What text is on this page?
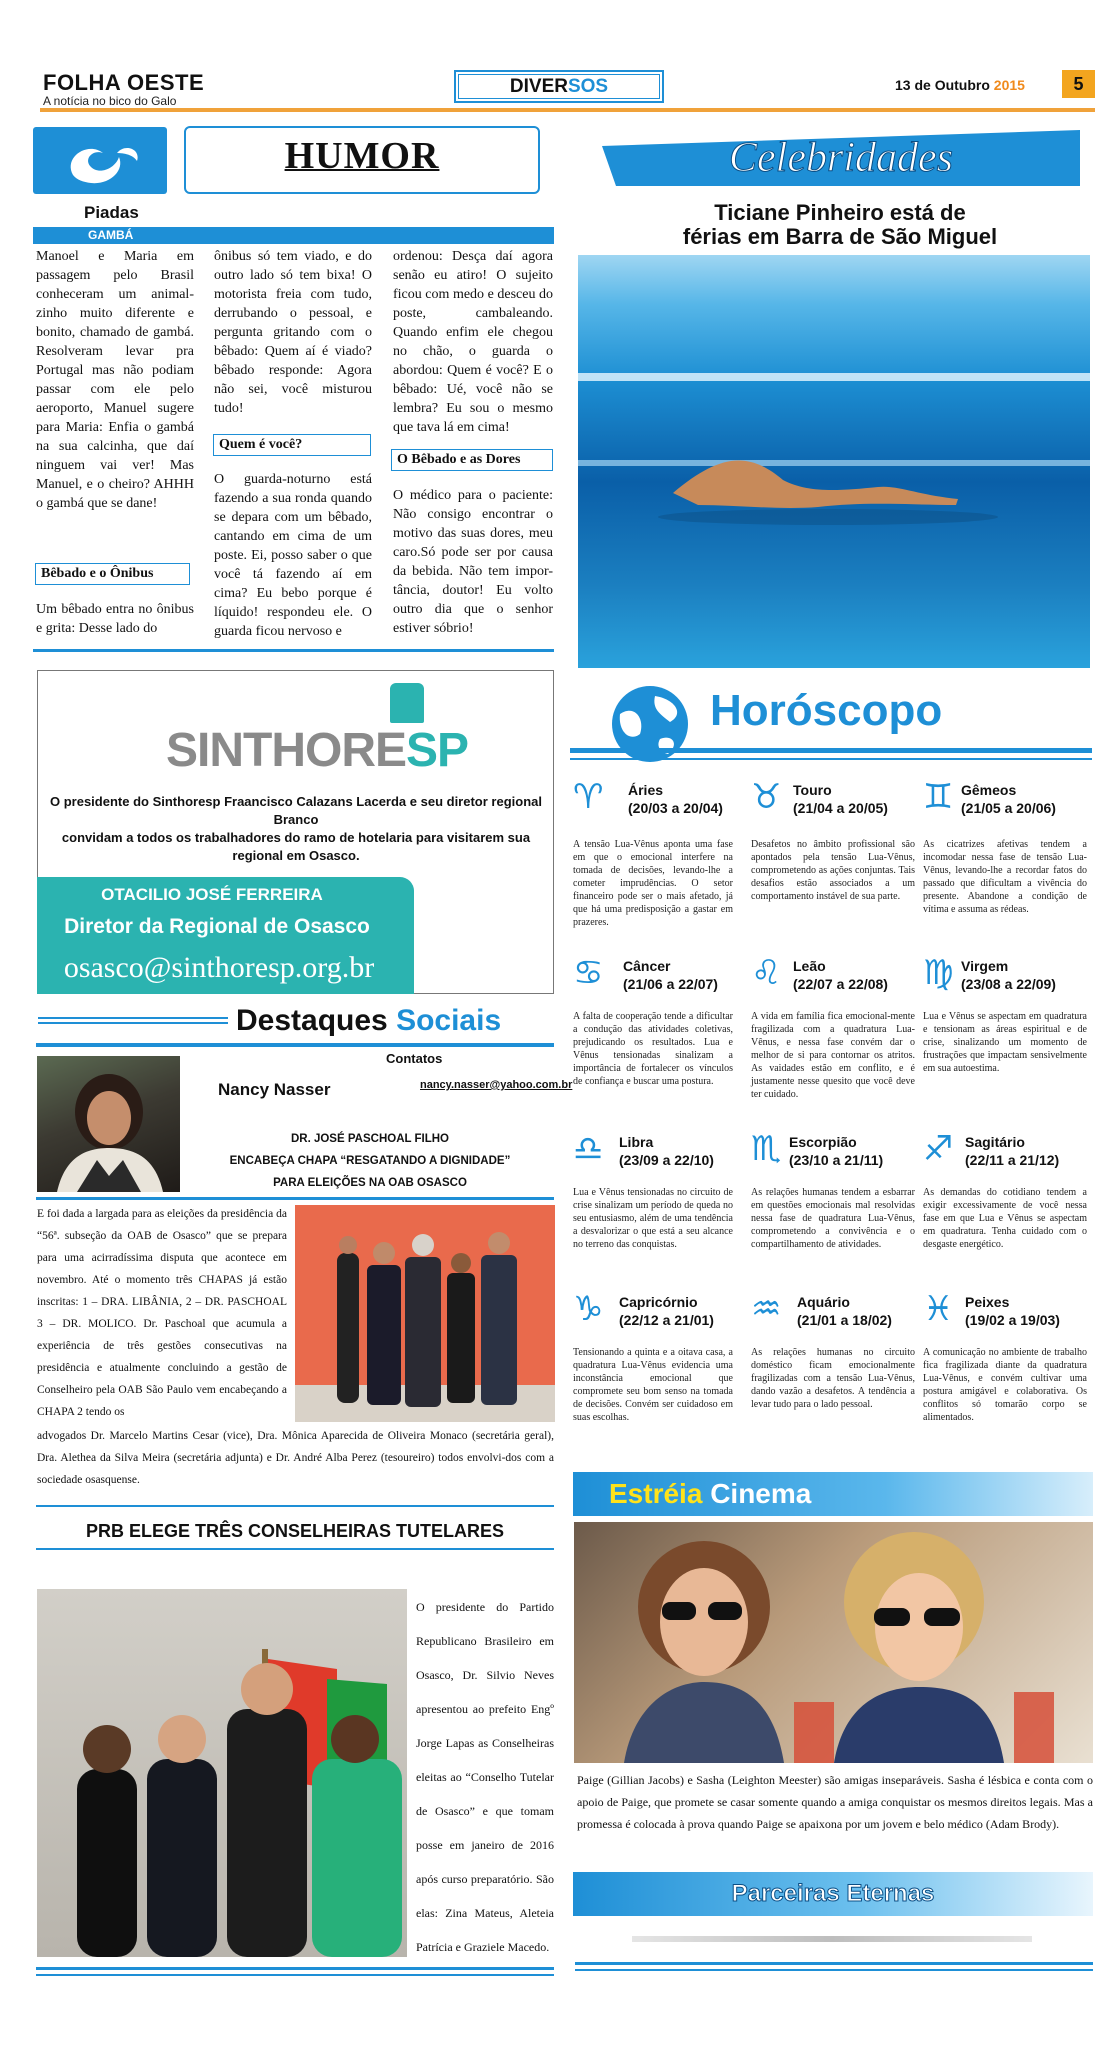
FOLHA OESTE
A notícia no bico do Galo
DIVERSOS	13 de Outubro 2015	5
HUMOR
Piadas
GAMBÁ

Manoel e Maria em passagem pelo Brasil conheceram um animal-zinho muito diferente e bonito, chamado de gambá. Resolveram levar pra Portugal mas não podiam passar com ele pelo aeroporto, Manuel sugere para Maria: Enfia o gambá na sua calcinha, que daí ninguem vai ver! Mas Manuel, e o cheiro? AHHH o gambá que se dane!

Bêbado e o Ônibus
Um bêbado entra no ônibus e grita: Desse lado do
ônibus só tem viado, e do outro lado só tem bixa! O motorista freia com tudo, derrubando o pessoal, e pergunta gritando com o bêbado: Quem aí é viado? bêbado responde: Agora não sei, você misturou tudo!
Quem é você?
O guarda-noturno está fazendo a sua ronda quando se depara com um bêbado, cantando em cima de um poste. Ei, posso saber o que você tá fazendo aí em cima? Eu bebo porque é líquido! respondeu ele. O guarda ficou nervoso e
ordenou: Desça daí agora senão eu atiro! O sujeito ficou com medo e desceu do poste, cambaleando. Quando enfim ele chegou no chão, o guarda o abordou: Quem é você? E o bêbado: Ué, você não se lembra? Eu sou o mesmo que tava lá em cima!
O Bêbado e as Dores
O médico para o paciente: Não consigo encontrar o motivo das suas dores, meu caro.Só pode ser por causa da bebida. Não tem impor-tância, doutor! Eu volto outro dia que o senhor estiver sóbrio!
Celebridades
Ticiane Pinheiro está de
férias em Barra de São Miguel
SINTHORESP
O presidente do Sinthoresp Fraancisco Calazans Lacerda e seu diretor regional Branco
convidam a todos os trabalhadores do ramo de hotelaria para visitarem sua regional em Osasco.
OTACILIO JOSÉ FERREIRA
Diretor da Regional de Osasco
osasco@sinthoresp.org.br
Horóscopo
♈ Áries
(20/03 a 20/04)
A tensão Lua-Vênus aponta uma fase em que o emocional interfere na tomada de decisões, levando-lhe a cometer imprudências. O setor financeiro pode ser o mais afetado, já que há uma predisposição a gastar em prazeres.
♉ Touro
(21/04 a 20/05)
Desafetos no âmbito profissional são apontados pela tensão Lua-Vênus, comprometendo as ações conjuntas. Tais desafios estão associados a um comportamento instável de sua parte.
♊ Gêmeos
(21/05 a 20/06)
As cicatrizes afetivas tendem a incomodar nessa fase de tensão Lua-Vênus, levando-lhe a recordar fatos do passado que dificultam a vivência do presente. Abandone a condição de vítima e assuma as rédeas.
♋ Câncer
(21/06 a 22/07)
A falta de cooperação tende a dificultar a condução das atividades coletivas, prejudicando os resultados. Lua e Vênus tensionadas sinalizam a importância de fortalecer os vínculos de confiança e buscar uma postura.
♌ Leão
(22/07 a 22/08)
A vida em família fica emocional-mente fragilizada com a quadratura Lua-Vênus, e nessa fase convém dar o melhor de si para contornar os atritos. As vaidades estão em conflito, e é justamente nesse quesito que você deve ter cuidado.
♍ Virgem
(23/08 a 22/09)
Lua e Vênus se aspectam em quadratura e tensionam as áreas espiritual e de crise, sinalizando um momento de frustrações que impactam sensivelmente em sua autoestima.
♎ Libra
(23/09 a 22/10)
Lua e Vênus tensionadas no circuito de crise sinalizam um período de queda no seu entusiasmo, além de uma tendência a desvalorizar o que está a seu alcance no terreno das conquistas.
♏ Escorpião
(23/10 a 21/11)
As relações humanas tendem a esbarrar em questões emocionais mal resolvidas nessa fase de quadratura Lua-Vênus, comprometendo a convivência e o compartilhamento de atividades.
♐ Sagitário
(22/11 a 21/12)
As demandas do cotidiano tendem a exigir excessivamente de você nessa fase em que Lua e Vênus se aspectam em quadratura. Tenha cuidado com o desgaste energético.
♑ Capricórnio
(22/12 a 21/01)
Tensionando a quinta e a oitava casa, a quadratura Lua-Vênus evidencia uma inconstância emocional que compromete seu bom senso na tomada de decisões. Convém ser cuidadoso em suas escolhas.
♒ Aquário
(21/01 a 18/02)
As relações humanas no circuito doméstico ficam emocionalmente fragilizadas com a tensão Lua-Vênus, dando vazão a desafetos. A tendência a levar tudo para o lado pessoal.
♓ Peixes
(19/02 a 19/03)
A comunicação no ambiente de trabalho fica fragilizada diante da quadratura Lua-Vênus, e convém cultivar uma postura amigável e colaborativa. Os conflitos só tomarão corpo se alimentados.
Destaques Sociais
Contatos
Nancy Nasser	nancy.nasser@yahoo.com.br
DR. JOSÉ PASCHOAL FILHO
ENCABEÇA CHAPA “RESGATANDO A DIGNIDADE”
PARA ELEIÇÕES NA OAB OSASCO
E foi dada a largada para as eleições da presidência da “56ª. subseção da OAB de Osasco” que se prepara para uma acirradíssima disputa que acontece em novembro. Até o momento três CHAPAS já estão inscritas: 1 – DRA. LIBÂNIA, 2 – DR. PASCHOAL 3 – DR. MOLICO. Dr. Paschoal que acumula a experiência de três gestões consecutivas na presidência e atualmente concluindo a gestão de Conselheiro pela OAB São Paulo vem encabeçando a CHAPA 2 tendo os
advogados Dr. Marcelo Martins Cesar (vice), Dra. Mônica Aparecida de Oliveira Monaco (secretária geral), Dra. Alethea da Silva Meira (secretária adjunta) e Dr. André Alba Perez (tesoureiro) todos envolvi-dos com a sociedade osasquense.
PRB ELEGE TRÊS CONSELHEIRAS TUTELARES
O presidente do Partido Republicano Brasileiro em Osasco, Dr. Silvio Neves apresentou ao prefeito Engº Jorge Lapas as Conselheiras eleitas ao “Conselho Tutelar de Osasco” e que tomam posse em janeiro de 2016 após curso preparatório. São elas: Zina Mateus, Aleteia Patrícia e Graziele Macedo.
Estréia Cinema
Paige (Gillian Jacobs) e Sasha (Leighton Meester) são amigas inseparáveis. Sasha é lésbica e conta com o apoio de Paige, que promete se casar somente quando a amiga conquistar os mesmos direitos legais. Mas a promessa é colocada à prova quando Paige se apaixona por um jovem e belo médico (Adam Brody).
Parceiras Eternas
